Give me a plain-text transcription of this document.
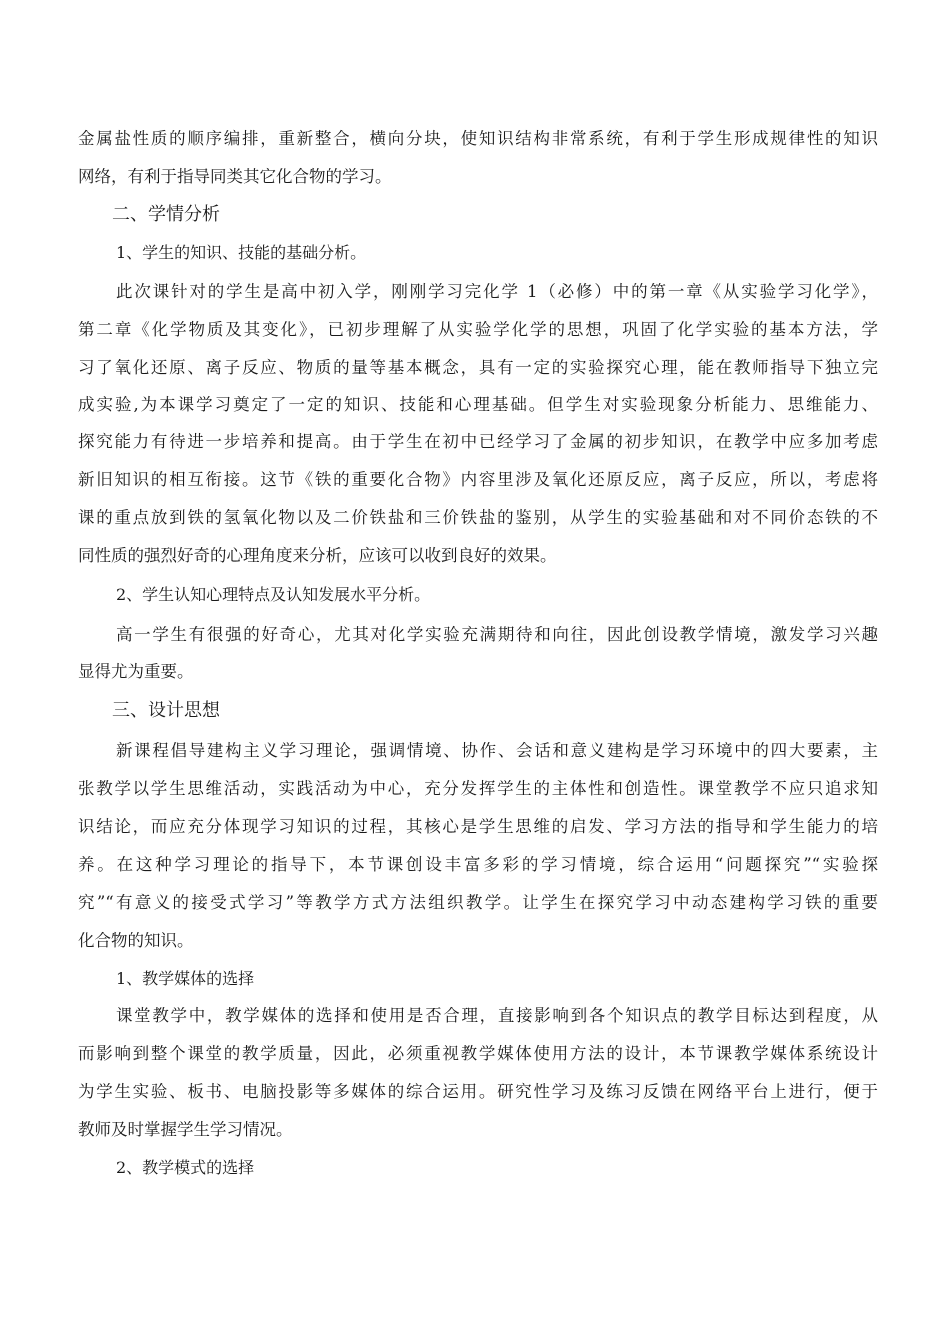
金属盐性质的顺序编排，重新整合，横向分块，使知识结构非常系统，有利于学生形成规律性的知识
网络，有利于指导同类其它化合物的学习。
二、学情分析
1、学生的知识、技能的基础分析。
此次课针对的学生是高中初入学，刚刚学习完化学 1（必修）中的第一章《从实验学习化学》，
第二章《化学物质及其变化》，已初步理解了从实验学化学的思想，巩固了化学实验的基本方法，学
习了氧化还原、离子反应、物质的量等基本概念，具有一定的实验探究心理，能在教师指导下独立完
成实验,为本课学习奠定了一定的知识、技能和心理基础。但学生对实验现象分析能力、思维能力、
探究能力有待进一步培养和提高。由于学生在初中已经学习了金属的初步知识，在教学中应多加考虑
新旧知识的相互衔接。这节《铁的重要化合物》内容里涉及氧化还原反应，离子反应，所以，考虑将
课的重点放到铁的氢氧化物以及二价铁盐和三价铁盐的鉴别，从学生的实验基础和对不同价态铁的不
同性质的强烈好奇的心理角度来分析，应该可以收到良好的效果。
2、学生认知心理特点及认知发展水平分析。
高一学生有很强的好奇心，尤其对化学实验充满期待和向往，因此创设教学情境，激发学习兴趣
显得尤为重要。
三、设计思想
新课程倡导建构主义学习理论，强调情境、协作、会话和意义建构是学习环境中的四大要素，主
张教学以学生思维活动，实践活动为中心，充分发挥学生的主体性和创造性。课堂教学不应只追求知
识结论，而应充分体现学习知识的过程，其核心是学生思维的启发、学习方法的指导和学生能力的培
养。在这种学习理论的指导下，本节课创设丰富多彩的学习情境，综合运用“问题探究”“实验探
究”“有意义的接受式学习”等教学方式方法组织教学。让学生在探究学习中动态建构学习铁的重要
化合物的知识。
1、教学媒体的选择
课堂教学中，教学媒体的选择和使用是否合理，直接影响到各个知识点的教学目标达到程度，从
而影响到整个课堂的教学质量，因此，必须重视教学媒体使用方法的设计，本节课教学媒体系统设计
为学生实验、板书、电脑投影等多媒体的综合运用。研究性学习及练习反馈在网络平台上进行，便于
教师及时掌握学生学习情况。
2、教学模式的选择
